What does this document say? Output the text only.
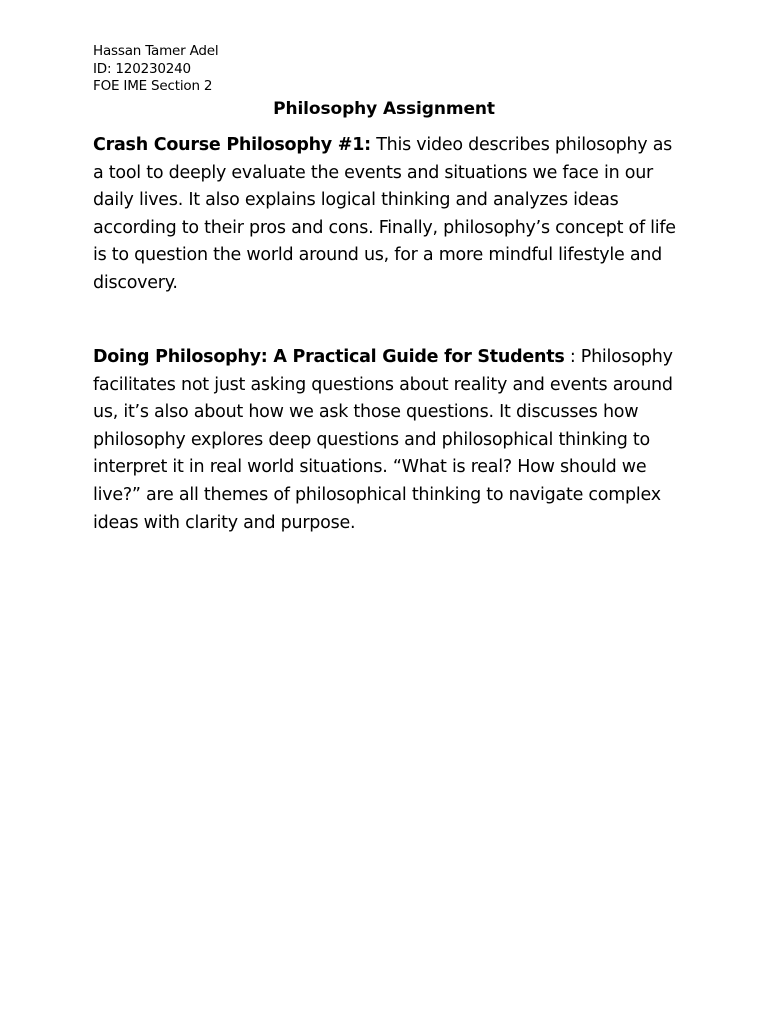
Hassan Tamer Adel
ID: 120230240
FOE IME Section 2
Philosophy Assignment
Crash Course Philosophy #1: This video describes philosophy as a tool to deeply evaluate the events and situations we face in our daily lives. It also explains logical thinking and analyzes ideas according to their pros and cons. Finally, philosophy’s concept of life is to question the world around us, for a more mindful lifestyle and discovery.
Doing Philosophy: A Practical Guide for Students : Philosophy facilitates not just asking questions about reality and events around us, it’s also about how we ask those questions. It discusses how philosophy explores deep questions and philosophical thinking to interpret it in real world situations. “What is real? How should we live?” are all themes of philosophical thinking to navigate complex ideas with clarity and purpose.
